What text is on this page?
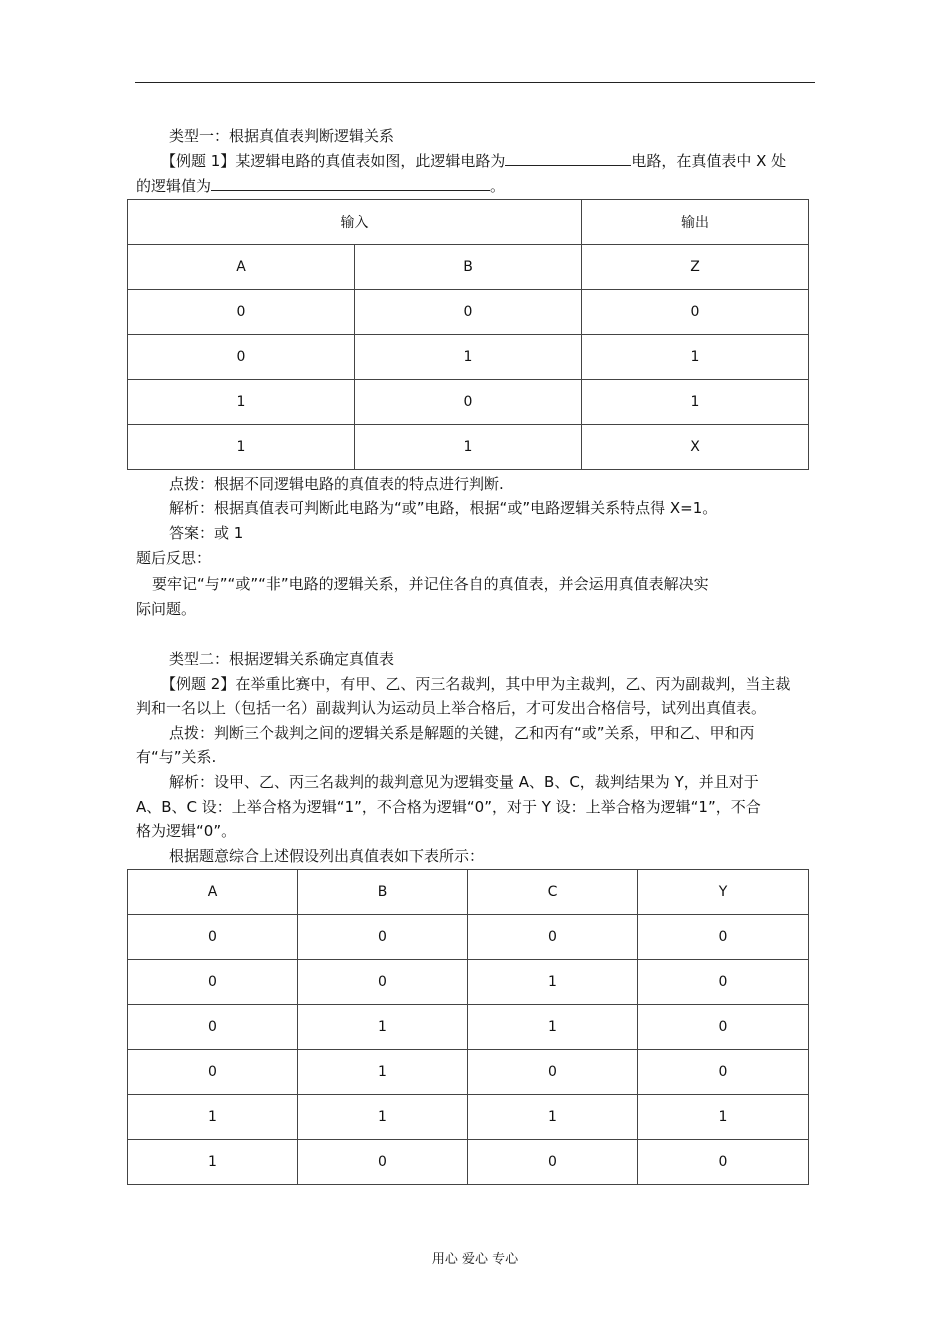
类型一：根据真值表判断逻辑关系
【例题 1】某逻辑电路的真值表如图，此逻辑电路为	电路，在真值表中 X 处
的逻辑值为	。
输入		输出
A	B	Z
0	0	0
0	1	1
1	0	1
1	1	X
点拨：根据不同逻辑电路的真值表的特点进行判断.
解析：根据真值表可判断此电路为“或”电路，根据“或”电路逻辑关系特点得 X=1。
答案：或 1
题后反思：
要牢记“与”“或”“非”电路的逻辑关系，并记住各自的真值表，并会运用真值表解决实
际问题。
类型二：根据逻辑关系确定真值表
【例题 2】在举重比赛中，有甲、乙、丙三名裁判，其中甲为主裁判，乙、丙为副裁判，当主裁
判和一名以上（包括一名）副裁判认为运动员上举合格后，才可发出合格信号，试列出真值表。
点拨：判断三个裁判之间的逻辑关系是解题的关键，乙和丙有“或”关系，甲和乙、甲和丙
有“与”关系.
解析：设甲、乙、丙三名裁判的裁判意见为逻辑变量 A、B、C，裁判结果为 Y，并且对于
A、B、C 设：上举合格为逻辑“1”，不合格为逻辑“0”，对于 Y 设：上举合格为逻辑“1”，不合
格为逻辑“0”。
根据题意综合上述假设列出真值表如下表所示：
A	B	C	Y
0	0	0	0
0	0	1	0
0	1	1	0
0	1	0	0
1	1	1	1
1	0	0	0
用心 爱心 专心
